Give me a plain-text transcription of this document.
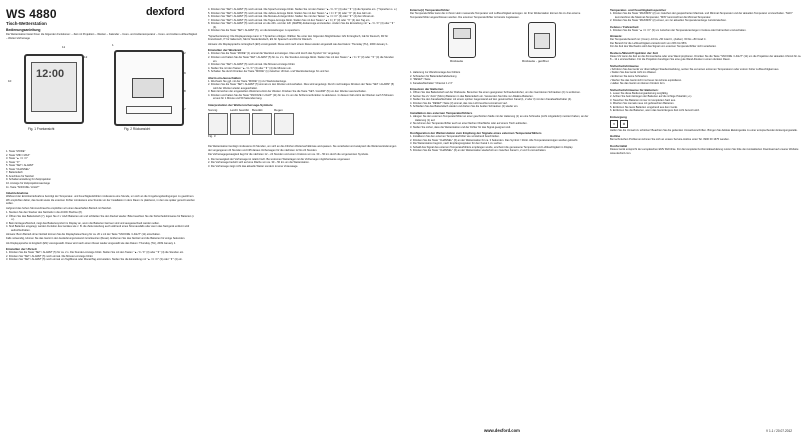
WS 4880
Tisch-Wetterstation
Bedienungsanleitung

Die Wetterstation bietet Ihnen die folgenden Funktionen: – Zeit mit Projektion – Wecker – Kalender – Innen- und Außentemperatur – Innen- und Außen-Luftfeuchtigkeit – Wetter-Vorhersage

12:00
11
12
10
1
2
9
8
7
Fig. 1 Frontansicht	Fig. 2 Rückansicht
1. Taste "MODE"
2. Taste "MIN / MAX"
3. Taste "▲ / C / F"
4. Taste "▼"
5. Taste "SET / ALARM"
6. Taste "CHANNEL"
7. Batteriefach
8. Anschluss für Netzteil
9. Schalterverstellung für Zeitprojektion
10. Anzeige für Zeitprojektionsanzeige
11. Taste "SNOOZE / LIGHT"
Inbetriebnahme

Während der Erstinbetriebnahme benötigt der Temperatur- und Feuchtigkeitsfühler mindestens eine Stunde, um sich an die Umgebungsbedingungen zu gewöhnen. Wir empfehlen daher, das Gerät sowie die externen Fühler mindestens eine Stunde vor der Installation in dem Raum zu platzieren, in dem sie später genutzt werden sollen.

Aufgrund des hohen Stromverbrauchs empfehlen wir einen dauerhaften Betrieb mit Netzteil.

1. Stecken Sie den Stecker des Netzteils in die AC/DC Buchse (8).
2. Öffnen Sie das Batteriefach (7), legen Sie 2 x ‘AAA’ Batterien ein und schließen Sie den Deckel wieder. Bitte beachten Sie die Sicherheitshinweise für Batterien (i. u.).
3. Beim Einlegen/Netzteil, zeigt das Batteriesymbol im Display an, wenn die Batterien fast leer sind und ausgewechselt werden sollen.
4. Sind Batterien eingelegt, werden Funktion des Gerätes wie z. B. die Zeitumstellung auch während eines Stromausfalls oder wenn das Netzgerät entfernt wird aufrechterhalten.

Hinweis: Beim Betrieb ohne Netzteil können Sie die Displaybeleuchtung für ca. 20 s mit der Taste "SNOOZE / LIGHT" (11) einschalten.

Falls notwendig, können Sie das Gerät in den Auslieferungszustand zurücksetzen (Reset). Entfernen Sie das Netzteil und die Batterien für einige Sekunden.

Als Displaysprache ist Englisch (EN) voreingestellt. Diese wird nach einem Reset wieder eingestellt wie das Datum: Thursday (TH), 2009 January 1.

Einstellen der Uhrzeit
1. Drücken Sie die Taste "SET / ALARM" (5) für ca. 2 s. Die Stunden-Anzeige blinkt. Stellen Sie mit den Tasten "▲ / C / F" (3) oder "▼" (4) die Stunden ein.
2. Drücken Sie "SET / ALARM" (5) noch einmal. Die Minuten-Anzeige blinkt.
3. Drücken Sie "SET / ALARM" (5) noch einmal um Tag/Monat oder Monat/Tag einzustellen. Stellen Sie die Einstellung mit "▲ / C / F" (3) oder "▼" (4) ein.
dexford	4. Drücken Sie "SET / ALARM" (5) noch einmal. Die Sprach-Anzeige blinkt. Stellen Sie mit den Tasten "▲ / C / F" (3) oder "▼" (4) die Sprache ein. (* Sprachen s. u.)
5. Drücken Sie "SET / ALARM" (5) noch einmal. Die Jahres-Anzeige blinkt. Stellen Sie mit den Tasten "▲ / C / F" (3) oder "▼" (4) das Jahr ein.
6. Drücken Sie "SET / ALARM" (5) noch einmal. Die Monats-Anzeige blinkt. Stellen Sie mit den Tasten "▲ / C / F" (3) oder "▼" (4) den Monat ein.
7. Drücken Sie "SET / ALARM" (5) noch einmal. Die Tages-Anzeige blinkt. Stellen Sie mit den Tasten "▲ / C / F" (3) oder "▼" (4) den Tag ein.
8. Drücken Sie "SET / ALARM" (5) noch einmal um die 24h- und der 12h (AM/PM)-Zeitanzeige einzustellen. Ändern Sie die Einstellung mit "▲ / C / F" (3) oder "▼" (4).
9. Drücken Sie die Taste "SET / ALARM" (5), um die Einstellungen zu speichern.

*Sprachenleistung: Die Displayanzeige kann in 7 Sprachen erfolgen. Wählen Sie unter den folgenden Möglichkeiten: EN für Englisch, GE für Deutsch, FR für Französisch, IT für Italienisch, NE für Niederländisch, ES für Spanisch und DA für Dänisch.

Hinweis: Als Displaysprache ist Englisch (EN) voreingestellt. Diese wird nach einem Reset wieder eingestellt wie das Datum: Thursday (TH), 2009 January 1.

Einstellen der Weckzeit
1. Drücken Sie die Taste "MODE" (1) einmal die Weckzeit anzuzeigen. Dies wird durch das Symbol "AL" angezeigt.
2. Drücken und halten Sie die Taste "SET / ALARM" (5) für ca. 2 s. Die Stunden-Anzeige blinkt. Stellen Sie mit den Tasten "▲ / C / F" (3) oder "▼" (4) die Stunden ein.
3. Drücken Sie "SET / ALARM" (5) noch einmal. Die Minuten-Anzeige blinkt.
4. Stellen Sie mit den Tasten "▲ / C / F" (3) oder "▼" (4) die Minuten ein.
5. Schalten Sie durch Drücken der Taste "MODE" (1) zwischen Uhrzeit- und Weckzeitanzeige hin und her.
Alarm ein-/ausschalten
1. Wechseln Sie ggf. mit der Taste "MODE" (1) zur Weckzeitanzeige.
2. Drücken Sie die Taste "SET / ALARM" (5) einmal um den Wecker einzuschalten. Dies wird angezeigt. Durch nochmaliges Drücken der Taste "SET / ALARM" (5) wird der Wecker wieder ausgeschaltet.
3. Beim Erreichen der eingestellten Weckzeit ertönt der Wecker. Drücken Sie die Taste "SET / ALARM" (5) um den Wecker auszuschalten.
4. Drücken und halten Sie die Taste "SNOOZE / LIGHT" (11) für ca. 3 s um die Schlummerfunktion zu aktivieren. In diesem Fall ertönt der Wecker nach 5 Minuten erneut für 1 Minute und 59 Sekunden lang.
Interpretation der Wettervorhersage-Symbole
Sonnig	Leicht bewölkt Bewölkt	Regen
Fig. 3

Die Wetterstation benötigt mindestens 24 Stunden, um sich an die örtlichen Wetterverhältnisse anzupassen. Sie verarbeitet und analysiert die Wetterveränderungen der vergangenen 24 Stunden und trifft daraus Vorhersagen für die nächsten 12 bis 24 Stunden.

Die Vorhersagegenauigkeit liegt für die nächsten 12 – 24 Stunden und einem Umkreis von ca. 30 – 50 km durch die vorgenannten Symbole.

1. Die Genauigkeit der Vorhersage ist relativ hoch. Bei extremen Wetterlagen ist die Vorhersage möglicherweise ungenauer.
2. Die Vorhersage bezieht sich auf eine Fläche von ca. 30 – 50 km um die Wetterstation.
3. Die Vorhersage zeigt nicht das aktuelle Wetter sondern ist eine Voraussage.
Externe(r) Temperaturfühler

Der Temperaturfühler kann die in ihrem Heim messende Temperatur und Luftfeuchtigkeit anzeigen. An Ihrer Wetterstation können bis zu drei externe Temperaturfühler angeschlossen werden. Die externen Temperaturfühler ist bereits zugelassen.

Rückseite	Rückseite - geöffnet
1. Halterung zur Wandmontage des Fühlers
2. Schrauben für Batteriefachabdeckung
3. "RESET"-Taste
4. Kanalwahlschalter "Channel 1 2 3"
Einsetzen der Batterien
1. Öffnen Sie das Batteriefach auf der Rückseite. Benutzen Sie einen geeigneten Schraubendreher, um die zwei kleinen Schrauben (2) zu entfernen.
2. Setzen Sie 2x "AAA" (Micro) Batterien in das Batteriefach ein. Verwenden Sie bitte nur Alkaline-Batterien.
3. Stellen Sie den Kanalwahlschalter mit einem spitzen Gegenstand auf den gewünschten Kanal (1, 2 oder 3) mit dem Kanalwahlschalter (4).
4. Drücken Sie die "RESET"-Taste (3) einmal, das rote Licht leuchtet einmal kurz auf.
5. Schließen Sie das Batteriefach wieder und drehen Sie die beiden Schrauben (2) wieder ein.
Installation des externen Temperaturfühlers
1. Hängen Sie den externen Temperaturfühler an einer geschützten Stelle mit der Halterung (1) an eine Schraube (nicht mitgeliefert) montiert haben, an der Halterung (1) auf.
2. Sie können den Temperaturfühler auch an einer flachen Oberfläche oder auf einem Tisch aufstellen.
3. Stellen Sie sicher, dass die Wetterstation und der Fühler für das Signal geeignet sind.
Konfiguration der Wetterstation zum Empfang der Signale eines externen Temperaturfühlers
1. Installieren Sie den externen Temperaturfühler wie vorstehend beschrieben.
2. Drücken Sie die Taste "CHANNEL" (6) an der Wetterstation für ca. 3 Sekunden. Das Symbol ≈ blinkt. Alle Temperaturanzeigen werden gelöscht.
3. Die Wetterstation beginnt, nach Empfangssignalen für den Kanal 1 zu suchen.
4. Sobald das Signal des externen Temperaturfühlers empfangen wurde, erscheint die gemessene Temperatur und Luftfeuchtigkeit im Display.
5. Drücken Sie die Taste "CHANNEL" (6) an der Wetterstation wiederholt um zwischen Kanal 1, 2 und 3 umzuschalten.
Temperatur- und Feuchtigkeitsspeicher
1. Drücken Sie die Taste "MAX/MIN" (2) um zwischen der gespeicherten Maximal- und Minimal-Temperatur und der aktuellen Temperatur umzuschalten. "MAX" kennzeichnet die Maximal-Temperatur, "MIN" kennzeichnet die Minimal-Temperatur.
2. Drücken Sie die Taste "MAX/MIN" (2) erneut, um zur aktuellen Temperaturanzeige zurückzukehren.
Celsius / Fahrenheit
1. Drücken Sie die Taste "▲ / C / F" (3) um zwischen der Temperaturanzeige in Celsius oder Fahrenheit umzuschalten.
Hinweis:
Der Temperaturbereich ist: (Innen) -10 bis +50 Grad C, (Außen) -50 bis +50 Grad C.
Der Bereich für die Luftfeuchtigkeit erstreckt sich von 20% bis 95%.
Für die Zeit des Wechselns wird das Signal vom externen Temperaturfühler nicht verarbeitet.
Decken-/Wand-Projektion der Zeit

Diese Uhr kann die Zeit an die Zimmerdecke oder eine Wand projizieren. Drücken Sie die Taste "SNOOZE / LIGHT" (11) um die Projektion der aktuellen Uhrzeit für ca. 8 – 12 s einzuschalten. Für die Projektion benötigen Sie eine gute Wand-/Decke in einem dunklen Raum.

Sicherheitshinweise
• Schützen Sie das Gerät vor übermäßiger Staubentwicklung, setzen Sie es keinen extremen Temperaturen oder extrem hoher Luftfeuchtigkeit aus.
• Stellen Sie das Gerät nicht ins Wasser.
• Entfernen Sie keine Schrauben.
• Werfen Sie das Gerät nicht ins Feuer. Es könnte explodieren.
• Halten Sie das Gerät von kleinen Kindern fern.
Sicherheitshinweise für Batterien:
1. Lesen Sie diese Bedienungsanleitung sorgfältig.
2. Achten Sie beim Einlegen der Batterien auf die richtige Polarität (+/-).
3. Tauschen Sie Batterien immer im kompletten Satz aus.
4. Mischen Sie niemals neue mit gebrauchten Batterien.
5. Entfernen Sie leere Batterien umgehend aus dem Gerät.
6. Entfernen Sie die Batterien, wenn das Gerät längere Zeit nicht benutzt wird.
Entsorgung
✕	♻

Helfen Sie die Umwelt zu schützen! Beachten Sie die geltenden Umweltvorschriften. Bringen Sie defekte Elektrogeräte zu einer entsprechenden Entsorgungsstelle.

Hotline

Bei technischen Problemen können Sie sich an unsere Service-Hotline unter Tel. 0900 00 1675 wenden.

Konformität

Dieses Gerät entspricht der europäischen EMV Richtlinie. Für die komplette Konformitätserklärung nutzen Sie bitte den kontaktierten Download auf unserer Website www.dexford.com.

www.dexford.com	V 1.1 / 20.07.2012
